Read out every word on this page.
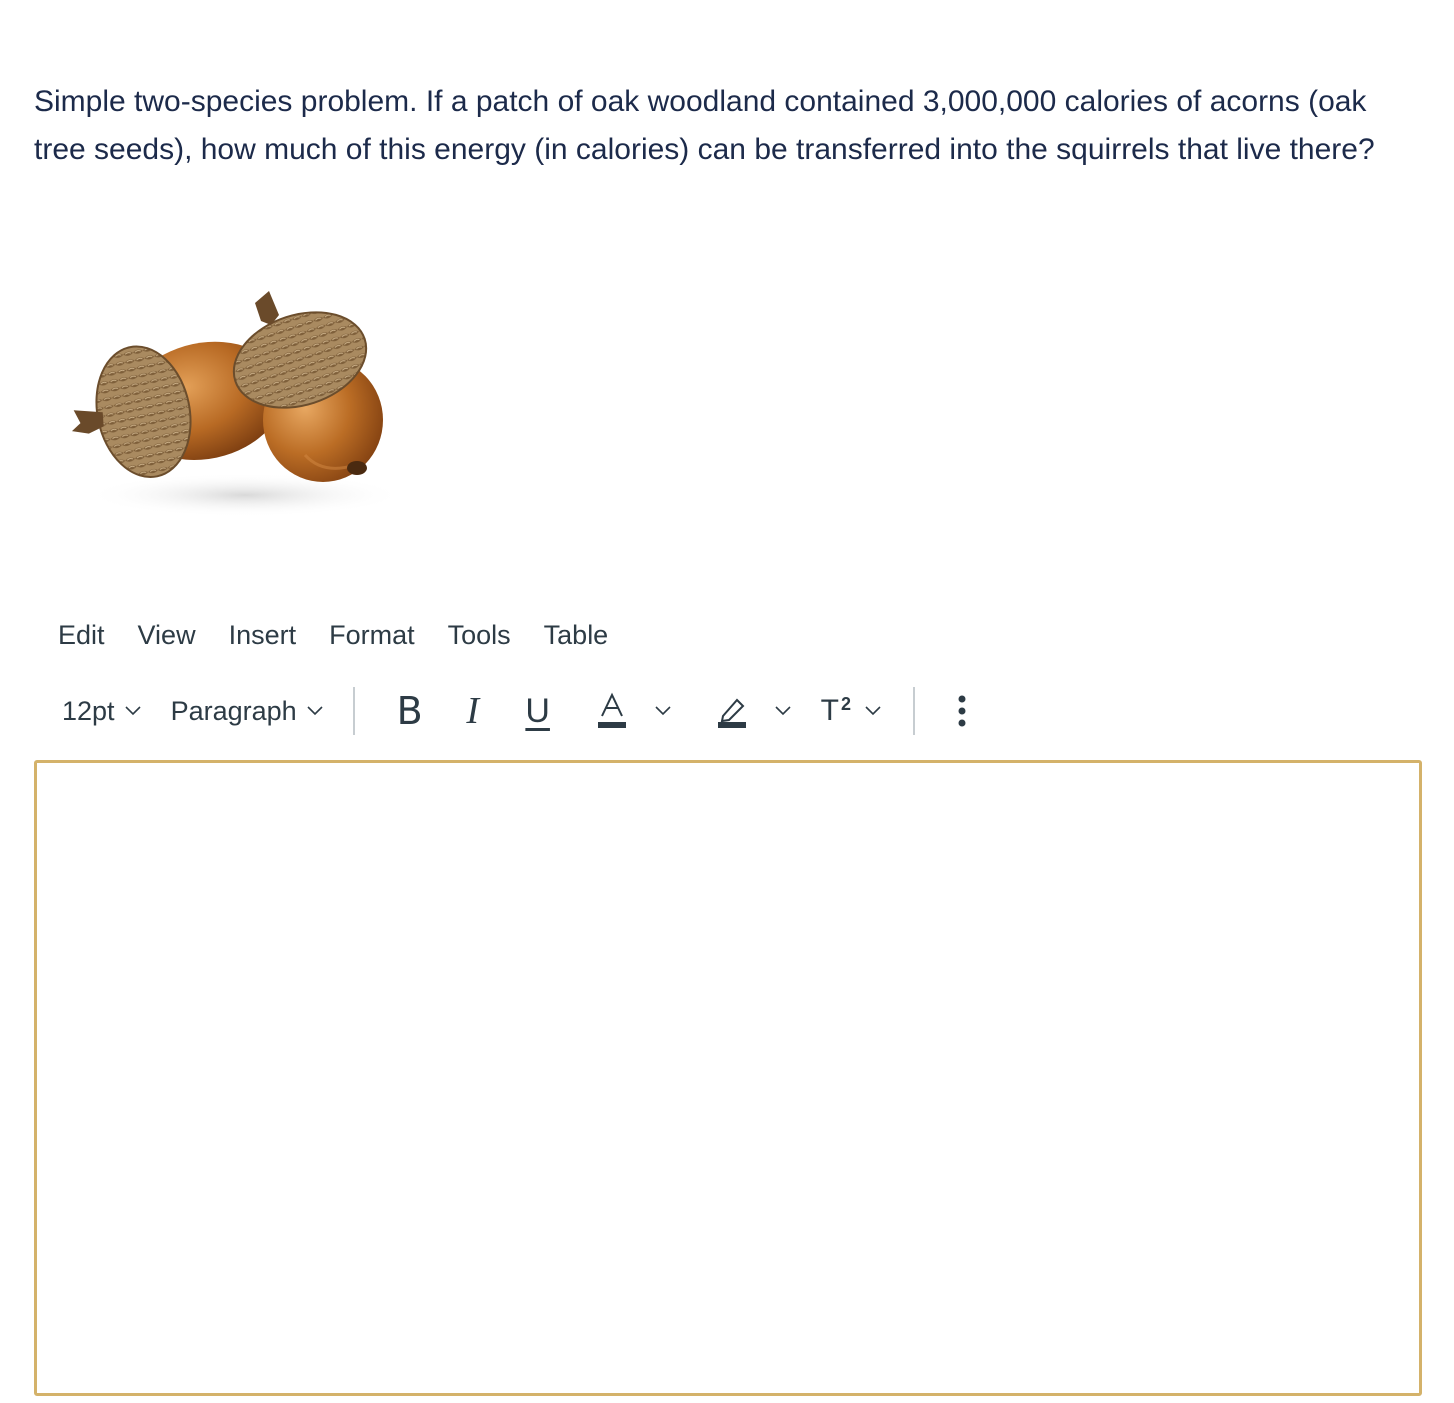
Simple two-species problem. If a patch of oak woodland contained 3,000,000 calories of acorns (oak tree seeds), how much of this energy (in calories) can be transferred into the squirrels that live there?
Edit View Insert Format Tools Table
12pt Paragraph	B I U	T 2
